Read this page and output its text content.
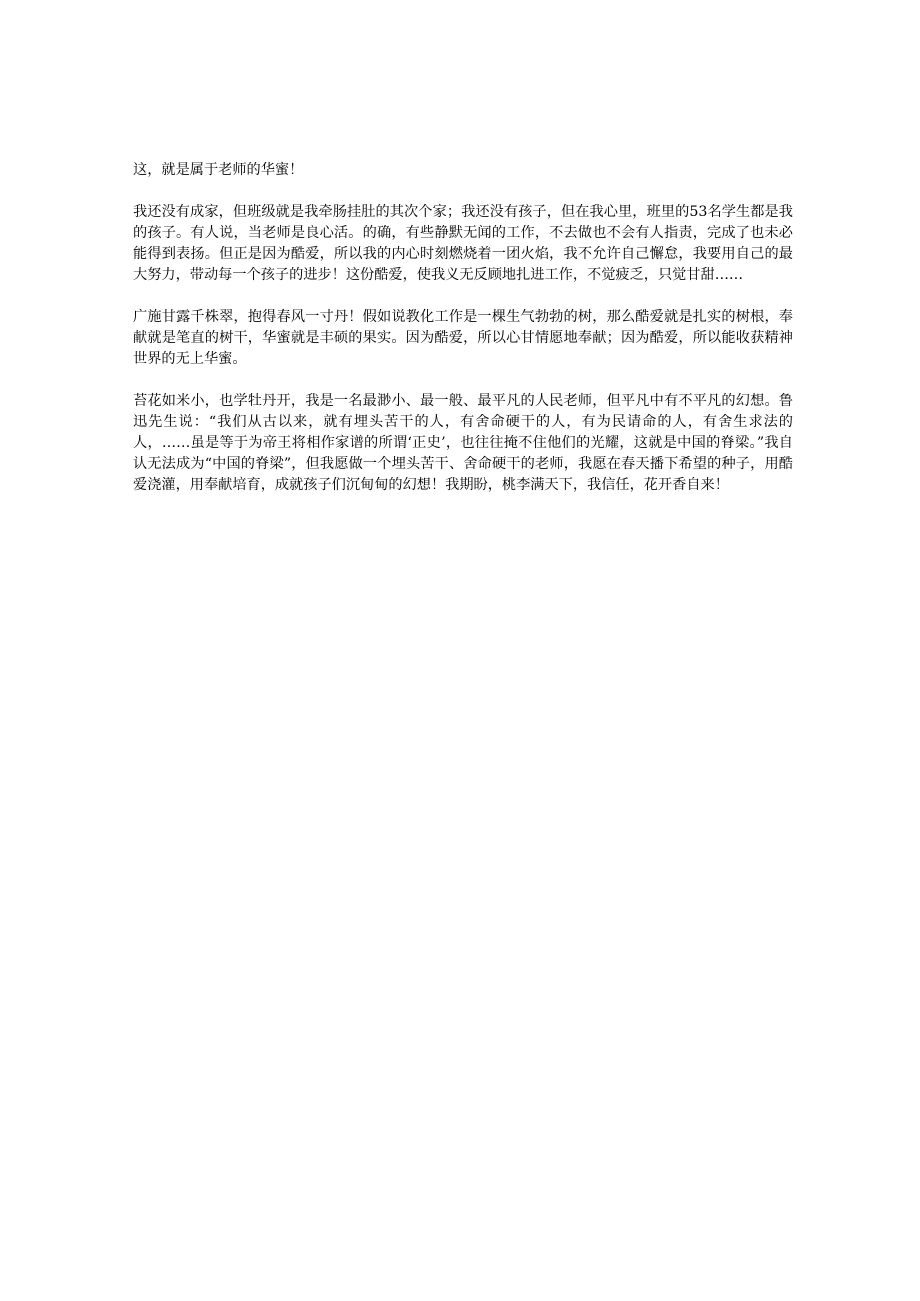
这，就是属于老师的华蜜！

我还没有成家，但班级就是我牵肠挂肚的其次个家；我还没有孩子，但在我心里，班里的53名学生都是我的孩子。有人说，当老师是良心活。的确，有些静默无闻的工作，不去做也不会有人指责，完成了也未必能得到表扬。但正是因为酷爱，所以我的内心时刻燃烧着一团火焰，我不允许自己懈怠，我要用自己的最大努力，带动每一个孩子的进步！这份酷爱，使我义无反顾地扎进工作，不觉疲乏，只觉甘甜……

广施甘露千株翠，抱得春风一寸丹！假如说教化工作是一棵生气勃勃的树，那么酷爱就是扎实的树根，奉献就是笔直的树干，华蜜就是丰硕的果实。因为酷爱，所以心甘情愿地奉献；因为酷爱，所以能收获精神世界的无上华蜜。

苔花如米小，也学牡丹开，我是一名最渺小、最一般、最平凡的人民老师，但平凡中有不平凡的幻想。鲁迅先生说：“我们从古以来，就有埋头苦干的人，有舍命硬干的人，有为民请命的人，有舍生求法的人，……虽是等于为帝王将相作家谱的所谓‘正史’，也往往掩不住他们的光耀，这就是中国的脊梁。”我自认无法成为“中国的脊梁”，但我愿做一个埋头苦干、舍命硬干的老师，我愿在春天播下希望的种子，用酷爱浇灌，用奉献培育，成就孩子们沉甸甸的幻想！我期盼，桃李满天下，我信任，花开香自来！
